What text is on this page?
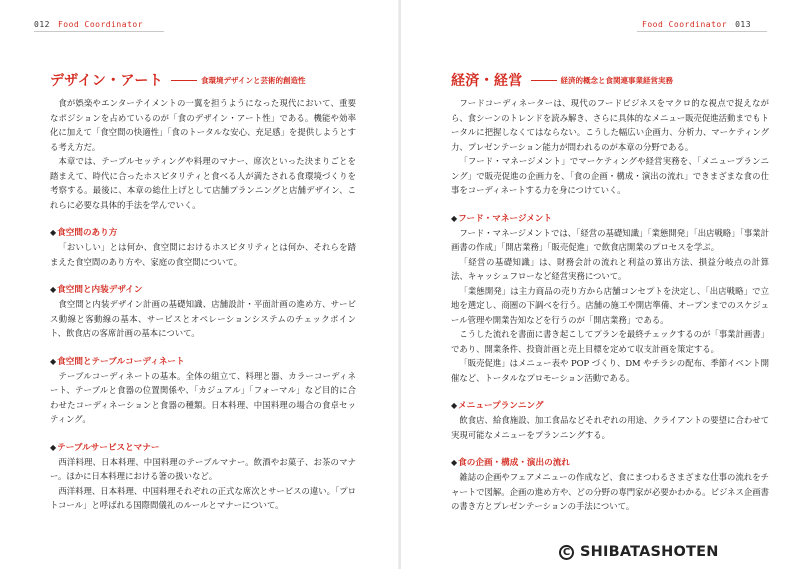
012 Food Coordinator
デザイン・アート	食環境デザインと芸術的創造性

食が娯楽やエンターテイメントの一翼を担うようになった現代において、重要なポジションを占めているのが「食のデザイン・アート性」である。機能や効率化に加えて「食空間の快適性」「食のトータルな安心、充足感」を提供しようとする考え方だ。

本章では、テーブルセッティングや料理のマナー、席次といった決まりごとを踏まえて、時代に合ったホスピタリティと食べる人が満たされる食環境づくりを考察する。最後に、本章の総仕上げとして店舗プランニングと店舗デザイン、これらに必要な具体的手法を学んでいく。

◆ 食空間のあり方

「おいしい」とは何か、食空間におけるホスピタリティとは何か、それらを踏まえた食空間のあり方や、家庭の食空間について。

◆ 食空間と内装デザイン

食空間と内装デザイン計画の基礎知識、店舗設計・平面計画の進め方、サービス動線と客動線の基本、サービスとオペレーションシステムのチェックポイント、飲食店の客席計画の基本について。

◆ 食空間とテーブルコーディネート

テーブルコーディネートの基本。全体の組立て、料理と器、カラーコーディネート、テーブルと食器の位置関係や、「カジュアル」「フォーマル」など目的に合わせたコーディネーションと食器の種類。日本料理、中国料理の場合の食卓セッティング。

◆ テーブルサービスとマナー

西洋料理、日本料理、中国料理のテーブルマナー。飲酒やお菓子、お茶のマナー。ほかに日本料理における箸の扱いなど。

西洋料理、日本料理、中国料理それぞれの正式な席次とサービスの違い。「プロトコール」と呼ばれる国際間儀礼のルールとマナーについて。

Food Coordinator 013
経済・経営	経済的概念と食関連事業経営実務

フードコーディネーターは、現代のフードビジネスをマクロ的な視点で捉えながら、食シーンのトレンドを読み解き、さらに具体的なメニュー販売促進活動までもトータルに把握しなくてはならない。こうした幅広い企画力、分析力、マーケティング力、プレゼンテーション能力が問われるのが本章の分野である。

「フード・マネージメント」でマーケティングや経営実務を、「メニュープランニング」で販売促進の企画力を、「食の企画・構成・演出の流れ」できまざまな食の仕事をコーディネートする力を身につけていく。

◆ フード・マネージメント

フード・マネージメントでは、「経営の基礎知識」「業態開発」「出店戦略」「事業計画書の作成」「開店業務」「販売促進」で飲食店開業のプロセスを学ぶ。

「経営の基礎知識」は、財務会計の流れと利益の算出方法、損益分岐点の計算法、キャッシュフローなど経営実務について。

「業態開発」は主力商品の売り方から店舗コンセプトを決定し、「出店戦略」で立地を選定し、商圏の下調べを行う。店舗の施工や開店準備、オープンまでのスケジュール管理や開業告知などを行うのが「開店業務」である。

こうした流れを書面に書き起こしてプランを最終チェックするのが「事業計画書」であり、開業条件、投資計画と売上目標を定めて収支計画を策定する。

「販売促進」はメニュー表や POP づくり、DM やチラシの配布、季節イベント開催など、トータルなプロモーション活動である。

◆ メニュープランニング

飲食店、給食施設、加工食品などそれぞれの用途、クライアントの要望に合わせて実現可能なメニューをプランニングする。

◆ 食の企画・構成・演出の流れ

雑誌の企画やフェアメニューの作成など、食にまつわるさまざまな仕事の流れをチャートで図解。企画の進め方や、どの分野の専門家が必要かわかる。ビジネス企画書の書き方とプレゼンテーションの手法について。

C SHIBATASHOTEN
